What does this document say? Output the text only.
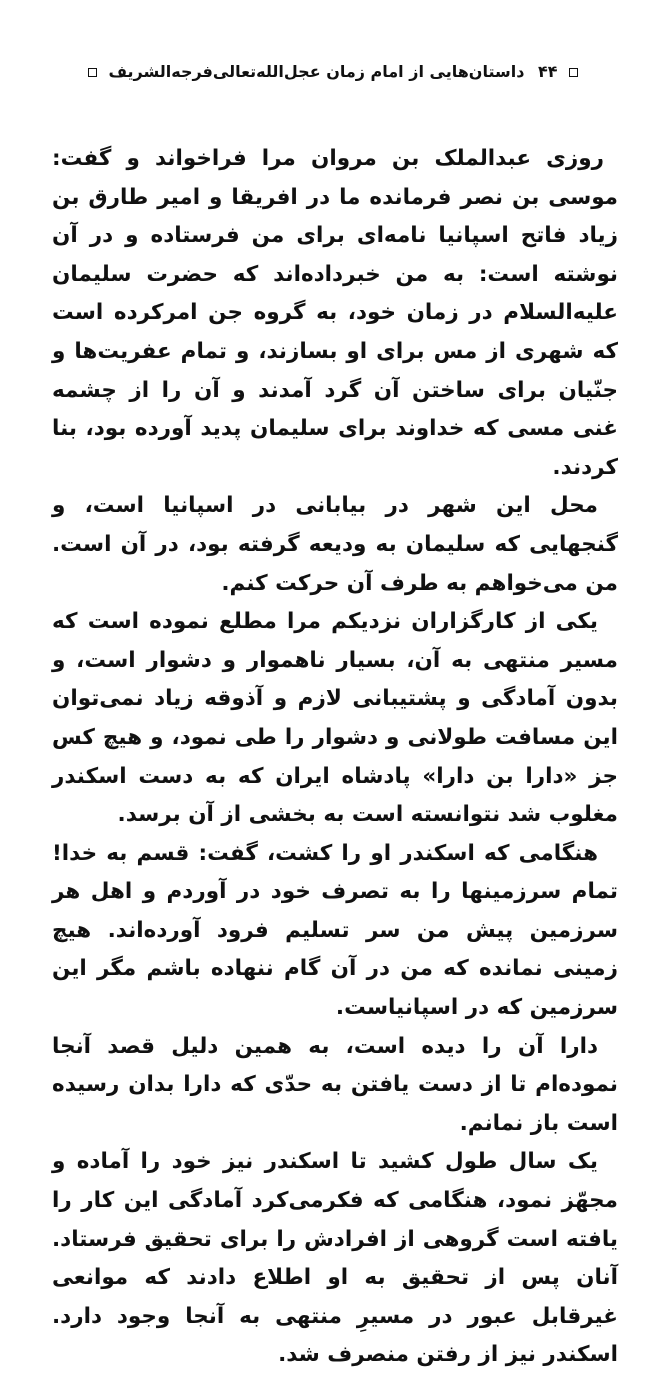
۴۴ داستان‌هایی از امام زمان عجل‌الله‌تعالی‌فرجه‌الشریف

روزی عبدالملک بن مروان مرا فراخواند و گفت: موسی بن نصر فرمانده ما در افریقا و امیر طارق بن زیاد فاتح اسپانیا نامه‌ای برای من فرستاده و در آن نوشته است: به من خبرداده‌اند که حضرت سلیمان علیه‌السلام در زمان خود، به گروه جن امرکرده است که شهری از مس برای او بسازند، و تمام عفریت‌ها و جنّیان برای ساختن آن گرد آمدند و آن را از چشمه غنی مسی که خداوند برای سلیمان پدید آورده بود، بنا کردند.

محل این شهر در بیابانی در اسپانیا است، و گنجهایی که سلیمان به ودیعه گرفته بود، در آن است. من می‌خواهم به طرف آن حرکت کنم.

یکی از کارگزاران نزدیکم مرا مطلع نموده است که مسیر منتهی به آن، بسیار ناهموار و دشوار است، و بدون آمادگی و پشتیبانی لازم و آذوقه زیاد نمی‌توان این مسافت طولانی و دشوار را طی نمود، و هیچ کس جز «دارا بن دارا» پادشاه ایران که به دست اسکندر مغلوب شد نتوانسته است به بخشی از آن برسد.

هنگامی که اسکندر او را کشت، گفت: قسم به خدا! تمام سرزمینها را به تصرف خود در آوردم و اهل هر سرزمین پیش من سر تسلیم فرود آورده‌اند. هیچ زمینی نمانده که من در آن گام ننهاده باشم مگر این سرزمین که در اسپانیاست.

دارا آن را دیده است، به همین دلیل قصد آنجا نموده‌ام تا از دست یافتن به حدّی که دارا بدان رسیده است باز نمانم.

یک سال طول کشید تا اسکندر نیز خود را آماده و مجهّز نمود، هنگامی که فکرمی‌کرد آمادگی این کار را یافته است گروهی از افرادش را برای تحقیق فرستاد. آنان پس از تحقیق به او اطلاع دادند که موانعی غیرقابل عبور در مسیرِ منتهی به آنجا وجود دارد. اسکندر نیز از رفتن منصرف شد.
